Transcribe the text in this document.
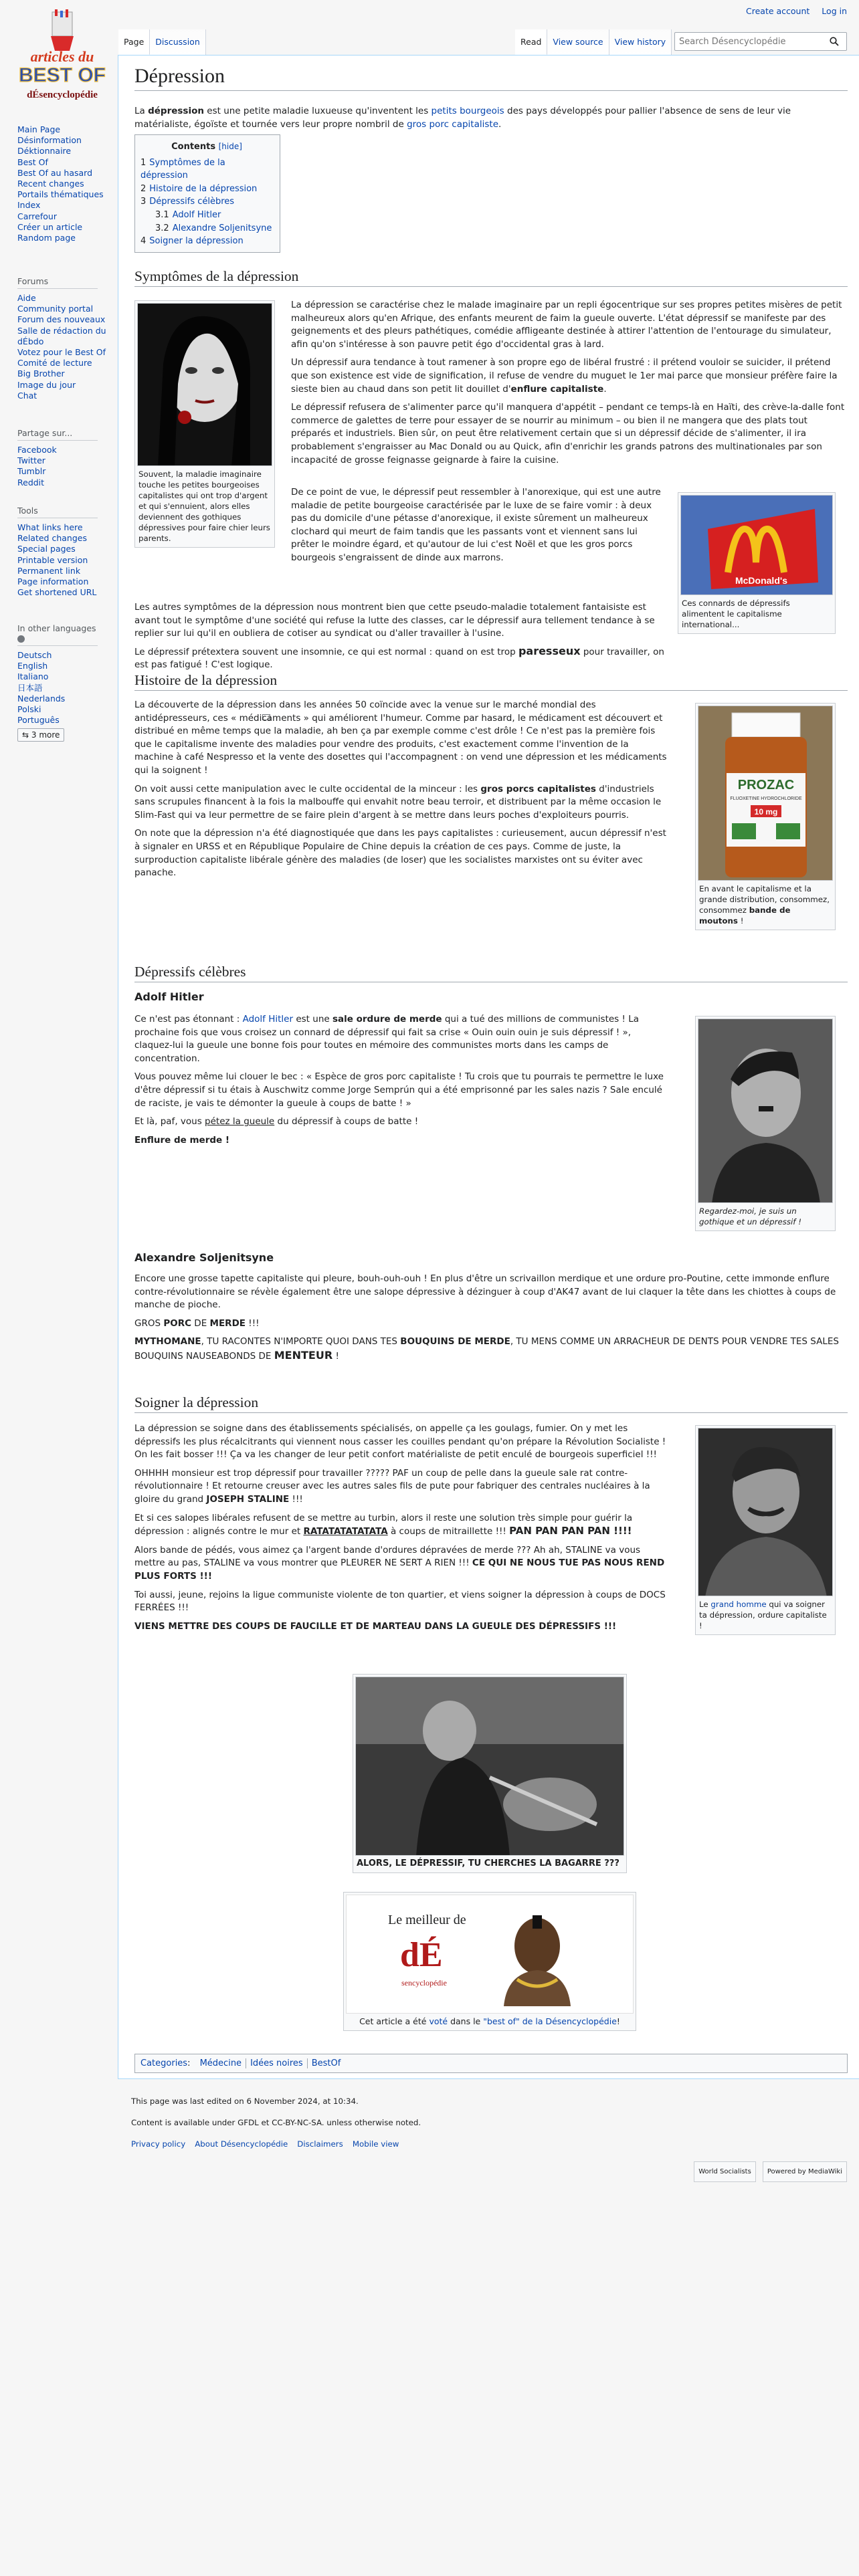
Create account Log in
Page	Discussion	Read	View source	View history
Search Désencyclopédie
articles du
BEST OF
dÉsencyclopédie
Main Page
Désinformation
Déktionnaire
Best Of
Best Of au hasard
Recent changes
Portails thématiques
Index
Carrefour
Créer un article
Random page
Forums
Aide
Community portal
Forum des nouveaux
Salle de rédaction du dÉbdo
Votez pour le Best Of
Comité de lecture
Big Brother
Image du jour
Chat
Partage sur...
Facebook
Twitter
Tumblr
Reddit
Tools
What links here
Related changes
Special pages
Printable version
Permanent link
Page information
Get shortened URL
In other languages
Deutsch
English
Italiano
日本語
Nederlands
Polski
Português
⇆ 3 more
Dépression

La dépression est une petite maladie luxueuse qu'inventent les petits bourgeois des pays développés pour pallier l'absence de sens de leur vie matérialiste, égoïste et tournée vers leur propre nombril de gros porc capitaliste.

Contents [hide]
1 Symptômes de la dépression
2 Histoire de la dépression
3 Dépressifs célèbres
3.1 Adolf Hitler
3.2 Alexandre Soljenitsyne
4 Soigner la dépression
Symptômes de la dépression
Souvent, la maladie imaginaire touche les petites bourgeoises capitalistes qui ont trop d'argent et qui s'ennuient, alors elles deviennent des gothiques dépressives pour faire chier leurs parents.

La dépression se caractérise chez le malade imaginaire par un repli égocentrique sur ses propres petites misères de petit malheureux alors qu'en Afrique, des enfants meurent de faim la gueule ouverte. L'état dépressif se manifeste par des geignements et des pleurs pathétiques, comédie affligeante destinée à attirer l'attention de l'entourage du simulateur, afin qu'on s'intéresse à son pauvre petit égo d'occidental gras à lard.

Un dépressif aura tendance à tout ramener à son propre ego de libéral frustré : il prétend vouloir se suicider, il prétend que son existence est vide de signification, il refuse de vendre du muguet le 1er mai parce que monsieur préfère faire la sieste bien au chaud dans son petit lit douillet d'enflure capitaliste.

Le dépressif refusera de s'alimenter parce qu'il manquera d'appétit – pendant ce temps-là en Haïti, des crève-la-dalle font commerce de galettes de terre pour essayer de se nourrir au minimum – ou bien il ne mangera que des plats tout préparés et industriels. Bien sûr, on peut être relativement certain que si un dépressif décide de s'alimenter, il ira probablement s'engraisser au Mac Donald ou au Quick, afin d'enrichir les grands patrons des multinationales par son incapacité de grosse feignasse geignarde à faire la cuisine.

De ce point de vue, le dépressif peut ressembler à l'anorexique, qui est une autre maladie de petite bourgeoise caractérisée par le luxe de se faire vomir : à deux pas du domicile d'une pétasse d'anorexique, il existe sûrement un malheureux clochard qui meurt de faim tandis que les passants vont et viennent sans lui prêter le moindre égard, et qu'autour de lui c'est Noël et que les gros porcs bourgeois s'engraissent de dinde aux marrons.

McDonald's
Ces connards de dépressifs alimentent le capitalisme international...

Les autres symptômes de la dépression nous montrent bien que cette pseudo-maladie totalement fantaisiste est avant tout le symptôme d'une société qui refuse la lutte des classes, car le dépressif aura tellement tendance à se replier sur lui qu'il en oubliera de cotiser au syndicat ou d'aller travailler à l'usine.

Le dépressif prétextera souvent une insomnie, ce qui est normal : quand on est trop paresseux pour travailler, on est pas fatigué ! C'est logique.

Histoire de la dépression

La découverte de la dépression dans les années 50 coïncide avec la venue sur le marché mondial des antidépresseurs, ces « médicaments » qui améliorent l'humeur. Comme par hasard, le médicament est découvert et distribué en même temps que la maladie, ah ben ça par exemple comme c'est drôle ! Ce n'est pas la première fois que le capitalisme invente des maladies pour vendre des produits, c'est exactement comme l'invention de la machine à café Nespresso et la vente des dosettes qui l'accompagnent : on vend une dépression et les médicaments qui la soignent !

On voit aussi cette manipulation avec le culte occidental de la minceur : les gros porcs capitalistes d'industriels sans scrupules financent à la fois la malbouffe qui envahit notre beau terroir, et distribuent par la même occasion le Slim-Fast qui va leur permettre de se faire plein d'argent à se mettre dans leurs poches d'exploiteurs pourris.

On note que la dépression n'a été diagnostiquée que dans les pays capitalistes : curieusement, aucun dépressif n'est à signaler en URSS et en République Populaire de Chine depuis la création de ces pays. Comme de juste, la surproduction capitaliste libérale génère des maladies (de loser) que les socialistes marxistes ont su éviter avec panache.

PROZAC
FLUOXETINE HYDROCHLORIDE
10 mg
En avant le capitalisme et la grande distribution, consommez, consommez bande de moutons !
Dépressifs célèbres
Adolf Hitler

Ce n'est pas étonnant : Adolf Hitler est une sale ordure de merde qui a tué des millions de communistes ! La prochaine fois que vous croisez un connard de dépressif qui fait sa crise « Ouin ouin ouin je suis dépressif ! », claquez-lui la gueule une bonne fois pour toutes en mémoire des communistes morts dans les camps de concentration.

Vous pouvez même lui clouer le bec : « Espèce de gros porc capitaliste ! Tu crois que tu pourrais te permettre le luxe d'être dépressif si tu étais à Auschwitz comme Jorge Semprún qui a été emprisonné par les sales nazis ? Sale enculé de raciste, je vais te démonter la gueule à coups de batte ! »

Et là, paf, vous pétez la gueule du dépressif à coups de batte !

Enflure de merde !

Regardez-moi, je suis un gothique et un dépressif !
Alexandre Soljenitsyne

Encore une grosse tapette capitaliste qui pleure, bouh-ouh-ouh ! En plus d'être un scrivaillon merdique et une ordure pro-Poutine, cette immonde enflure contre-révolutionnaire se révèle également être une salope dépressive à dézinguer à coup d'AK47 avant de lui claquer la tête dans les chiottes à coups de manche de pioche.

GROS PORC DE MERDE !!!

MYTHOMANE, TU RACONTES N'IMPORTE QUOI DANS TES BOUQUINS DE MERDE, TU MENS COMME UN ARRACHEUR DE DENTS POUR VENDRE TES SALES BOUQUINS NAUSEABONDS DE MENTEUR !

Soigner la dépression

La dépression se soigne dans des établissements spécialisés, on appelle ça les goulags, fumier. On y met les dépressifs les plus récalcitrants qui viennent nous casser les couilles pendant qu'on prépare la Révolution Socialiste ! On les fait bosser !!! Ça va les changer de leur petit confort matérialiste de petit enculé de bourgeois superficiel !!!

OHHHH monsieur est trop dépressif pour travailler ????? PAF un coup de pelle dans la gueule sale rat contre-révolutionnaire ! Et retourne creuser avec les autres sales fils de pute pour fabriquer des centrales nucléaires à la gloire du grand JOSEPH STALINE !!!

Et si ces salopes libérales refusent de se mettre au turbin, alors il reste une solution très simple pour guérir la dépression : alignés contre le mur et RATATATATATATA à coups de mitraillette !!! PAN PAN PAN PAN !!!!

Alors bande de pédés, vous aimez ça l'argent bande d'ordures dépravées de merde ??? Ah ah, STALINE va vous mettre au pas, STALINE va vous montrer que PLEURER NE SERT A RIEN !!! CE QUI NE NOUS TUE PAS NOUS REND PLUS FORTS !!!

Toi aussi, jeune, rejoins la ligue communiste violente de ton quartier, et viens soigner la dépression à coups de DOCS FERRÉES !!!

VIENS METTRE DES COUPS DE FAUCILLE ET DE MARTEAU DANS LA GUEULE DES DÉPRESSIFS !!!

Le grand homme qui va soigner ta dépression, ordure capitaliste !
ALORS, LE DÉPRESSIF, TU CHERCHES LA BAGARRE ???
Le meilleur de
dÉ
sencyclopédie
Cet article a été voté dans le "best of" de la Désencyclopédie!
Categories: Médecine Idées noires BestOf
This page was last edited on 6 November 2024, at 10:34.
Content is available under GFDL et CC-BY-NC-SA. unless otherwise noted.
Privacy policy About Désencyclopédie Disclaimers Mobile view
World Socialists	Powered by MediaWiki
